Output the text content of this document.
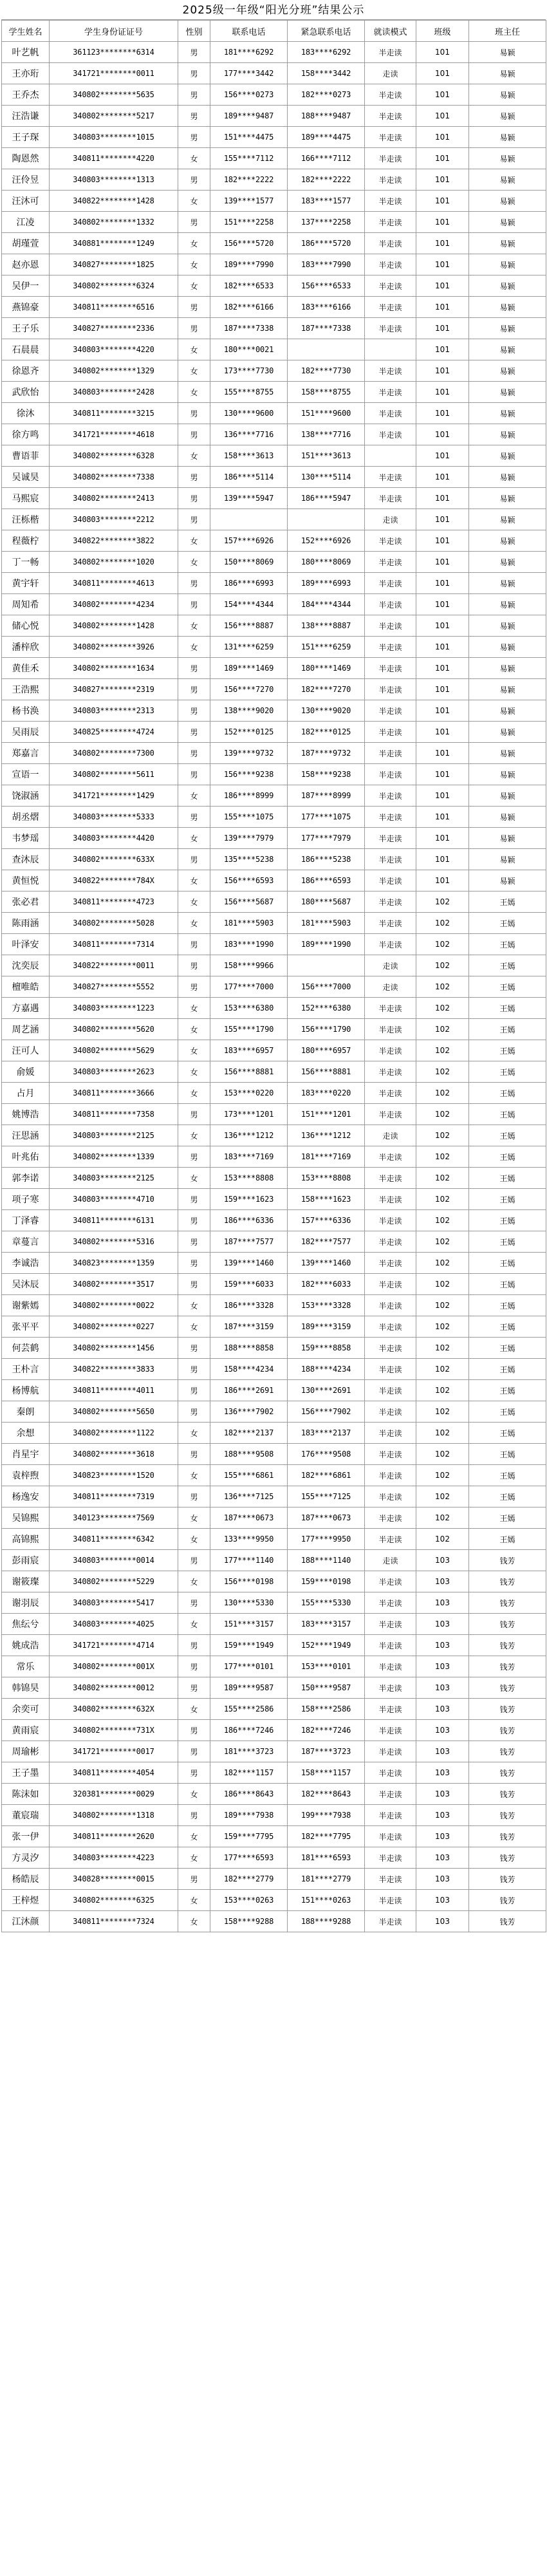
2025级一年级“阳光分班”结果公示
学生姓名	学生身份证证号	性别	联系电话	紧急联系电话	就读模式	班级	班主任
叶艺帆	361123********6314	男	181****6292	183****6292	半走读	101	易颖
王亦珩	341721********0011	男	177****3442	158****3442	走读	101	易颖
王乔杰	340802********5635	男	156****0273	182****0273	半走读	101	易颖
汪浩谦	340802********5217	男	189****9487	188****9487	半走读	101	易颖
王子琛	340803********1015	男	151****4475	189****4475	半走读	101	易颖
陶恩然	340811********4220	女	155****7112	166****7112	半走读	101	易颖
汪伶昱	340803********1313	男	182****2222	182****2222	半走读	101	易颖
汪沐可	340822********1428	女	139****1577	183****1577	半走读	101	易颖
江凌	340802********1332	男	151****2258	137****2258	半走读	101	易颖
胡瑾萱	340881********1249	女	156****5720	186****5720	半走读	101	易颖
赵亦恩	340827********1825	女	189****7990	183****7990	半走读	101	易颖
吴伊一	340802********6324	女	182****6533	156****6533	半走读	101	易颖
燕锦豪	340811********6516	男	182****6166	183****6166	半走读	101	易颖
王子乐	340827********2336	男	187****7338	187****7338	半走读	101	易颖
石晨晨	340803********4220	女	180****0021			101	易颖
徐恩齐	340802********1329	女	173****7730	182****7730	半走读	101	易颖
武欣怡	340803********2428	女	155****8755	158****8755	半走读	101	易颖
徐沐	340811********3215	男	130****9600	151****9600	半走读	101	易颖
徐方鸣	341721********4618	男	136****7716	138****7716	半走读	101	易颖
曹语菲	340802********6328	女	158****3613	151****3613		101	易颖
吴诚昊	340802********7338	男	186****5114	130****5114	半走读	101	易颖
马熙宸	340802********2413	男	139****5947	186****5947	半走读	101	易颖
汪栎楷	340803********2212	男			走读	101	易颖
程薇柠	340822********3822	女	157****6926	152****6926	半走读	101	易颖
丁一畅	340802********1020	女	150****8069	180****8069	半走读	101	易颖
黄宇轩	340811********4613	男	186****6993	189****6993	半走读	101	易颖
周知希	340802********4234	男	154****4344	184****4344	半走读	101	易颖
储心悦	340802********1428	女	156****8887	138****8887	半走读	101	易颖
潘梓欣	340802********3926	女	131****6259	151****6259	半走读	101	易颖
黄佳禾	340802********1634	男	189****1469	180****1469	半走读	101	易颖
王浩熙	340827********2319	男	156****7270	182****7270	半走读	101	易颖
杨书涣	340803********2313	男	138****9020	130****9020	半走读	101	易颖
吴雨辰	340825********4724	男	152****0125	182****0125	半走读	101	易颖
郑嘉言	340802********7300	男	139****9732	187****9732	半走读	101	易颖
宣语一	340802********5611	男	156****9238	158****9238	半走读	101	易颖
饶淑涵	341721********1429	女	186****8999	187****8999	半走读	101	易颖
胡丞熠	340803********5333	男	155****1075	177****1075	半走读	101	易颖
韦梦瑶	340803********4420	女	139****7979	177****7979	半走读	101	易颖
查沐辰	340802********633X	男	135****5238	186****5238	半走读	101	易颖
黄恒悦	340822********784X	女	156****6593	186****6593	半走读	101	易颖
张必君	340811********4723	女	156****5687	180****5687	半走读	102	王嫣
陈雨涵	340802********5028	女	181****5903	181****5903	半走读	102	王嫣
叶泽安	340811********7314	男	183****1990	189****1990	半走读	102	王嫣
沈奕辰	340822********0011	男	158****9966		走读	102	王嫣
檀唯皓	340827********5552	男	177****7000	156****7000	走读	102	王嫣
方嘉遇	340803********1223	女	153****6380	152****6380	半走读	102	王嫣
周艺涵	340802********5620	女	155****1790	156****1790	半走读	102	王嫣
汪可人	340802********5629	女	183****6957	180****6957	半走读	102	王嫣
俞媛	340803********2623	女	156****8881	156****8881	半走读	102	王嫣
占月	340811********3666	女	153****0220	183****0220	半走读	102	王嫣
姚博浩	340811********7358	男	173****1201	151****1201	半走读	102	王嫣
汪思涵	340803********2125	女	136****1212	136****1212	走读	102	王嫣
叶兆佑	340802********1339	男	183****7169	181****7169	半走读	102	王嫣
郭李诺	340803********2125	女	153****8808	153****8808	半走读	102	王嫣
项子寒	340803********4710	男	159****1623	158****1623	半走读	102	王嫣
丁泽睿	340811********6131	男	186****6336	157****6336	半走读	102	王嫣
章蔓言	340802********5316	男	187****7577	182****7577	半走读	102	王嫣
李诚浩	340823********1359	男	139****1460	139****1460	半走读	102	王嫣
吴沐辰	340802********3517	男	159****6033	182****6033	半走读	102	王嫣
谢紫嫣	340802********0022	女	186****3328	153****3328	半走读	102	王嫣
张平平	340802********0227	女	187****3159	189****3159	半走读	102	王嫣
何芸鹤	340802********1456	男	188****8858	159****8858	半走读	102	王嫣
王朴言	340822********3833	男	158****4234	188****4234	半走读	102	王嫣
杨博航	340811********4011	男	186****2691	130****2691	半走读	102	王嫣
秦朗	340802********5650	男	136****7902	156****7902	半走读	102	王嫣
余想	340802********1122	女	182****2137	183****2137	半走读	102	王嫣
肖星宇	340802********3618	男	188****9508	176****9508	半走读	102	王嫣
袁梓煦	340823********1520	女	155****6861	182****6861	半走读	102	王嫣
杨逸安	340811********7319	男	136****7125	155****7125	半走读	102	王嫣
吴锦熙	340123********7569	女	187****0673	187****0673	半走读	102	王嫣
高锦熙	340811********6342	女	133****9950	177****9950	半走读	102	王嫣
彭雨宸	340803********0014	男	177****1140	188****1140	走读	103	钱芳
谢筱璨	340802********5229	女	156****0198	159****0198	半走读	103	钱芳
谢羽辰	340803********5417	男	130****5330	155****5330	半走读	103	钱芳
焦纭兮	340803********4025	女	151****3157	183****3157	半走读	103	钱芳
姚成浩	341721********4714	男	159****1949	152****1949	半走读	103	钱芳
常乐	340802********001X	男	177****0101	153****0101	半走读	103	钱芳
韩锦昊	340802********0012	男	189****9587	150****9587	半走读	103	钱芳
余奕可	340802********632X	女	155****2586	158****2586	半走读	103	钱芳
黄雨宸	340802********731X	男	186****7246	182****7246	半走读	103	钱芳
周瑜彬	341721********0017	男	181****3723	187****3723	半走读	103	钱芳
王子墨	340811********4054	男	182****1157	158****1157	半走读	103	钱芳
陈沫如	320381********0029	女	186****8643	182****8643	半走读	103	钱芳
董宸瑞	340802********1318	男	189****7938	199****7938	半走读	103	钱芳
张一伊	340811********2620	女	159****7795	182****7795	半走读	103	钱芳
方灵汐	340803********4223	女	177****6593	181****6593	半走读	103	钱芳
杨皓辰	340828********0015	男	182****2779	181****2779	半走读	103	钱芳
王梓煜	340802********6325	女	153****0263	151****0263	半走读	103	钱芳
江沐颜	340811********7324	女	158****9288	188****9288	半走读	103	钱芳
